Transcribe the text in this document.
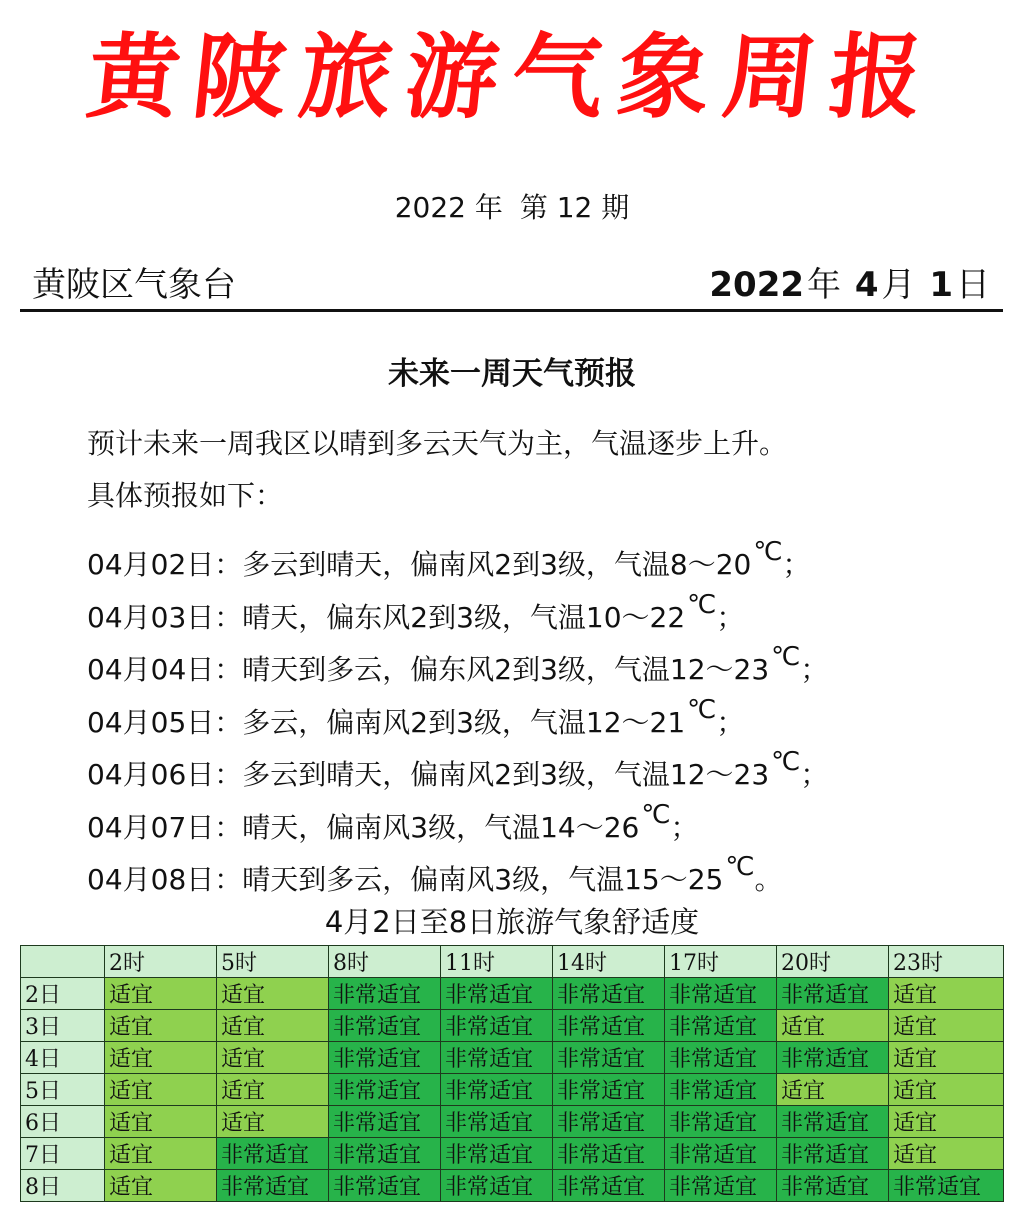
黄陂旅游气象周报
2022 年 第 12 期
黄陂区气象台	2022年 4月 1日
未来一周天气预报
预计未来一周我区以晴到多云天气为主，气温逐步上升。
具体预报如下：
04月02日：多云到晴天，偏南风2到3级，气温8～20℃；
04月03日：晴天，偏东风2到3级，气温10～22℃；
04月04日：晴天到多云，偏东风2到3级，气温12～23℃；
04月05日：多云，偏南风2到3级，气温12～21℃；
04月06日：多云到晴天，偏南风2到3级，气温12～23℃；
04月07日：晴天，偏南风3级，气温14～26℃；
04月08日：晴天到多云，偏南风3级，气温15～25℃。
4月2日至8日旅游气象舒适度
	2时	5时	8时	11时	14时	17时	20时	23时
2日	适宜	适宜	非常适宜	非常适宜	非常适宜	非常适宜	非常适宜	适宜
3日	适宜	适宜	非常适宜	非常适宜	非常适宜	非常适宜	适宜	适宜
4日	适宜	适宜	非常适宜	非常适宜	非常适宜	非常适宜	非常适宜	适宜
5日	适宜	适宜	非常适宜	非常适宜	非常适宜	非常适宜	适宜	适宜
6日	适宜	适宜	非常适宜	非常适宜	非常适宜	非常适宜	非常适宜	适宜
7日	适宜	非常适宜	非常适宜	非常适宜	非常适宜	非常适宜	非常适宜	适宜
8日	适宜	非常适宜	非常适宜	非常适宜	非常适宜	非常适宜	非常适宜	非常适宜
